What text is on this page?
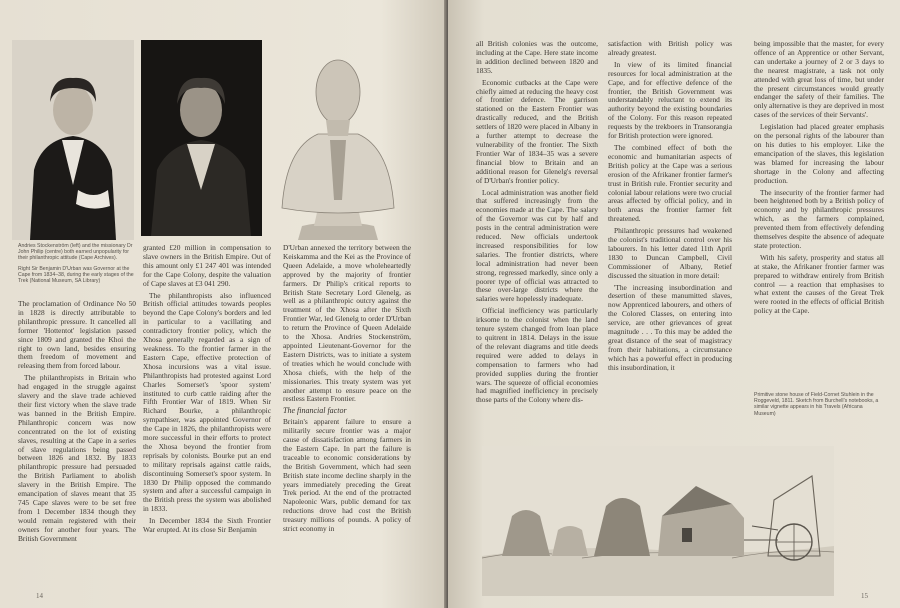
Andries Stockenström (left) and the missionary Dr John Philip (centre) both earned unpopularity for their philanthropic attitude (Cape Archives).
Right Sir Benjamin D'Urban was Governor at the Cape from 1834–38, during the early stages of the Trek (National Museum, SA Library)

The proclamation of Ordinance No 50 in 1828 is directly attributable to philanthropic pressure. It cancelled all former 'Hottentot' legislation passed since 1809 and granted the Khoi the right to own land, besides ensuring them freedom of movement and releasing them from forced labour.

The philanthropists in Britain who had engaged in the struggle against slavery and the slave trade achieved their first victory when the slave trade was banned in the British Empire. Philanthropic concern was now concentrated on the lot of existing slaves, resulting at the Cape in a series of slave regulations being passed between 1826 and 1832. By 1833 philanthropic pressure had persuaded the British Parliament to abolish slavery in the British Empire. The emancipation of slaves meant that 35 745 Cape slaves were to be set free from 1 December 1834 though they would remain registered with their owners for another four years. The British Government

granted £20 million in compensation to slave owners in the British Empire. Out of this amount only £1 247 401 was intended for the Cape Colony, despite the valuation of Cape slaves at £3 041 290.

The philanthropists also influenced British official attitudes towards peoples beyond the Cape Colony's borders and led in particular to a vacillating and contradictory frontier policy, which the Xhosa generally regarded as a sign of weakness. To the frontier farmer in the Eastern Cape, effective protection of Xhosa incursions was a vital issue. Philanthropists had protested against Lord Charles Somerset's 'spoor system' instituted to curb cattle raiding after the Fifth Frontier War of 1819. When Sir Richard Bourke, a philanthropic sympathiser, was appointed Governor of the Cape in 1826, the philanthropists were more successful in their efforts to protect the Xhosa beyond the frontier from reprisals by colonists. Bourke put an end to military reprisals against cattle raids, discontinuing Somerset's spoor system. In 1830 Dr Philip opposed the commando system and after a successful campaign in the British press the system was abolished in 1833.

In December 1834 the Sixth Frontier War erupted. At its close Sir Benjamin

D'Urban annexed the territory between the Keiskamma and the Kei as the Province of Queen Adelaide, a move wholeheartedly approved by the majority of frontier farmers. Dr Philip's critical reports to British State Secretary Lord Glenelg, as well as a philanthropic outcry against the treatment of the Xhosa after the Sixth Frontier War, led Glenelg to order D'Urban to return the Province of Queen Adelaide to the Xhosa. Andries Stockenström, appointed Lieutenant-Governor for the Eastern Districts, was to initiate a system of treaties which he would conclude with Xhosa chiefs, with the help of the missionaries. This treaty system was yet another attempt to ensure peace on the restless Eastern Frontier.

The financial factor

Britain's apparent failure to ensure a militarily secure frontier was a major cause of dissatisfaction among farmers in the Eastern Cape. In part the failure is traceable to economic considerations by the British Government, which had seen British state income decline sharply in the years immediately preceding the Great Trek period. At the end of the protracted Napoleonic Wars, public demand for tax reductions drove had cost the British treasury millions of pounds. A policy of strict economy in

14

all British colonies was the outcome, including at the Cape. Here state income in addition declined between 1820 and 1835.

Economic cutbacks at the Cape were chiefly aimed at reducing the heavy cost of frontier defence. The garrison stationed on the Eastern Frontier was drastically reduced, and the British settlers of 1820 were placed in Albany in a further attempt to decrease the vulnerability of the frontier. The Sixth Frontier War of 1834–35 was a severe financial blow to Britain and an additional reason for Glenelg's reversal of D'Urban's frontier policy.

Local administration was another field that suffered increasingly from the economies made at the Cape. The salary of the Governor was cut by half and posts in the central administration were reduced. New officials undertook increased responsibilities for low salaries. The frontier districts, where local administration had never been strong, regressed markedly, since only a poorer type of official was attracted to these over-large districts where the salaries were hopelessly inadequate.

Official inefficiency was particularly irksome to the colonist when the land tenure system changed from loan place to quitrent in 1814. Delays in the issue of the relevant diagrams and title deeds required were added to delays in compensation to farmers who had provided supplies during the frontier wars. The squeeze of official economies had magnified inefficiency in precisely those parts of the Colony where dis-

satisfaction with British policy was already greatest.

In view of its limited financial resources for local administration at the Cape, and for effective defence of the frontier, the British Government was understandably reluctant to extend its authority beyond the existing boundaries of the Colony. For this reason repeated requests by the trekboers in Transorangia for British protection were ignored.

The combined effect of both the economic and humanitarian aspects of British policy at the Cape was a serious erosion of the Afrikaner frontier farmer's trust in British rule. Frontier security and colonial labour relations were two crucial areas affected by official policy, and in both areas the frontier farmer felt threatened.

Philanthropic pressures had weakened the colonist's traditional control over his labourers. In his letter dated 11th April 1830 to Duncan Campbell, Civil Commissioner of Albany, Retief discussed the situation in more detail:

'The increasing insubordination and desertion of these manumitted slaves, now Apprenticed labourers, and others of the Colored Classes, on entering into service, are other grievances of great magnitude . . . To this may be added the great distance of the seat of magistracy from their habitations, a circumstance which has a powerful effect in producing this insubordination, it

being impossible that the master, for every offence of an Apprentice or other Servant, can undertake a journey of 2 or 3 days to the nearest magistrate, a task not only attended with great loss of time, but under the present circumstances would greatly endanger the safety of their families. The only alternative is they are deprived in most cases of the services of their Servants'.

Legislation had placed greater emphasis on the personal rights of the labourer than on his duties to his employer. Like the emancipation of the slaves, this legislation was blamed for increasing the labour shortage in the Colony and affecting production.

The insecurity of the frontier farmer had been heightened both by a British policy of economy and by philanthropic pressures which, as the farmers complained, prevented them from effectively defending themselves despite the absence of adequate state protection.

With his safety, prosperity and status all at stake, the Afrikaner frontier farmer was prepared to withdraw entirely from British control — a reaction that emphasises to what extent the causes of the Great Trek were rooted in the effects of official British policy at the Cape.

Primitive stone house of Field-Cornet Stuhlein in the Roggeveld, 1811. Sketch from Burchell's notebooks, a similar vignette appears in his Travels (Africana Museum)
15
